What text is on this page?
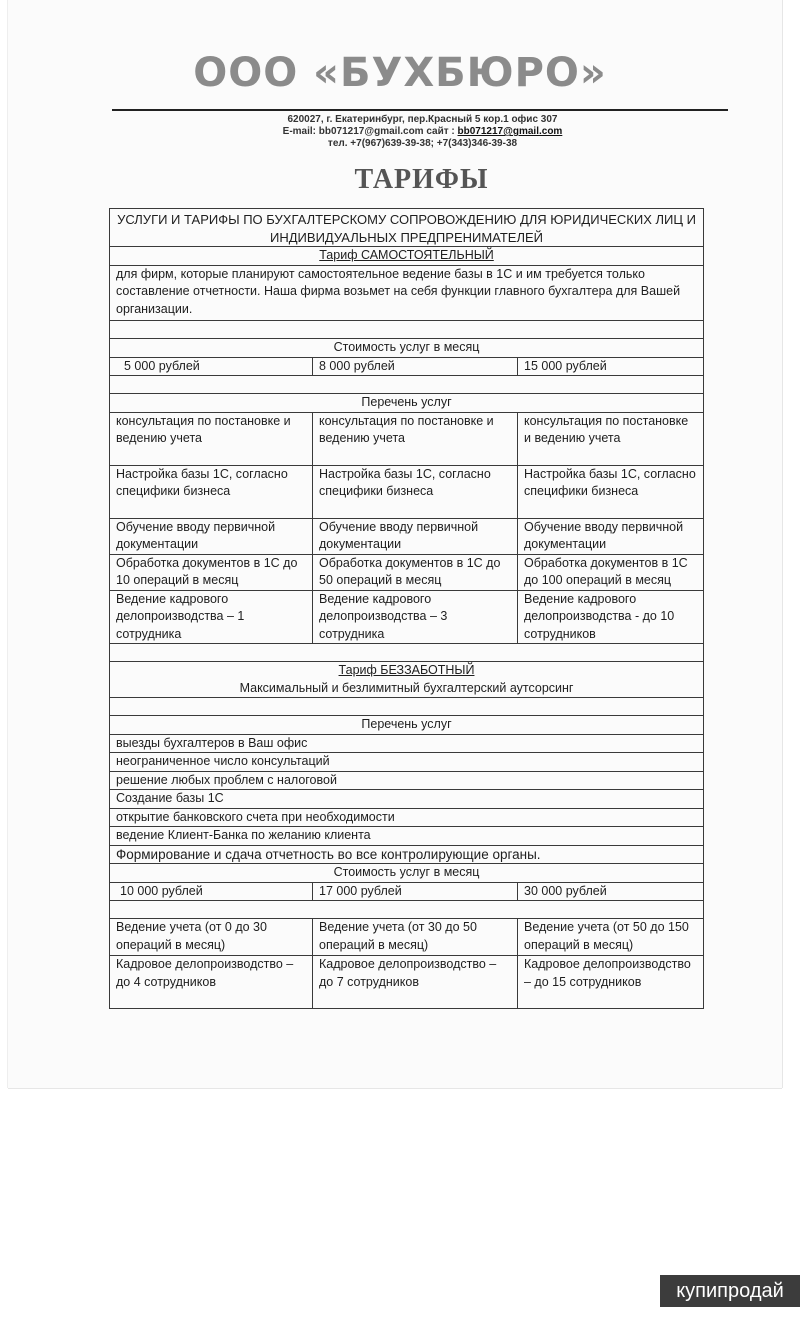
ООО «БУХБЮРО»
620027, г. Екатеринбург, пер.Красный 5 кор.1 офис 307
E-mail: bb071217@gmail.com сайт : bb071217@gmail.com
тел. +7(967)639-39-38; +7(343)346-39-38
ТАРИФЫ
УСЛУГИ И ТАРИФЫ ПО БУХГАЛТЕРСКОМУ СОПРОВОЖДЕНИЮ ДЛЯ ЮРИДИЧЕСКИХ ЛИЦ И ИНДИВИДУАЛЬНЫХ ПРЕДПРЕНИМАТЕЛЕЙ		
Тариф САМОСТОЯТЕЛЬНЫЙ		
для фирм, которые планируют самостоятельное ведение базы в 1С и им требуется только составление отчетности. Наша фирма возьмет на себя функции главного бухгалтера для Вашей организации.		

Стоимость услуг в месяц		
5 000 рублей	8 000 рублей	15 000 рублей

Перечень услуг		
консультация по постановке и ведению учета	консультация по постановке и ведению учета	консультация по постановке и ведению учета
Настройка базы 1С, согласно специфики бизнеса	Настройка базы 1С, согласно специфики бизнеса	Настройка базы 1С, согласно специфики бизнеса
Обучение вводу первичной документации	Обучение вводу первичной документации	Обучение вводу первичной документации
Обработка документов в 1С до 10 операций в месяц	Обработка документов в 1С до 50 операций в месяц	Обработка документов в 1С до 100 операций в месяц
Ведение кадрового делопроизводства – 1 сотрудника	Ведение кадрового делопроизводства – 3 сотрудника	Ведение кадрового делопроизводства - до 10 сотрудников

Тариф БЕЗЗАБОТНЫЙ
Максимальный и безлимитный бухгалтерский аутсорсинг		

Перечень услуг		
выезды бухгалтеров в Ваш офис		
неограниченное число консультаций		
решение любых проблем с налоговой		
Создание базы 1С		
открытие банковского счета при необходимости		
ведение Клиент-Банка по желанию клиента		
Формирование и сдача отчетность во все контролирующие органы.		
Стоимость услуг в месяц		
10 000 рублей	17 000 рублей	30 000 рублей

Ведение учета (от 0 до 30 операций в месяц)	Ведение учета (от 30 до 50 операций в месяц)	Ведение учета (от 50 до 150 операций в месяц)
Кадровое делопроизводство – до 4 сотрудников	Кадровое делопроизводство – до 7 сотрудников	Кадровое делопроизводство – до 15 сотрудников
купипродай
